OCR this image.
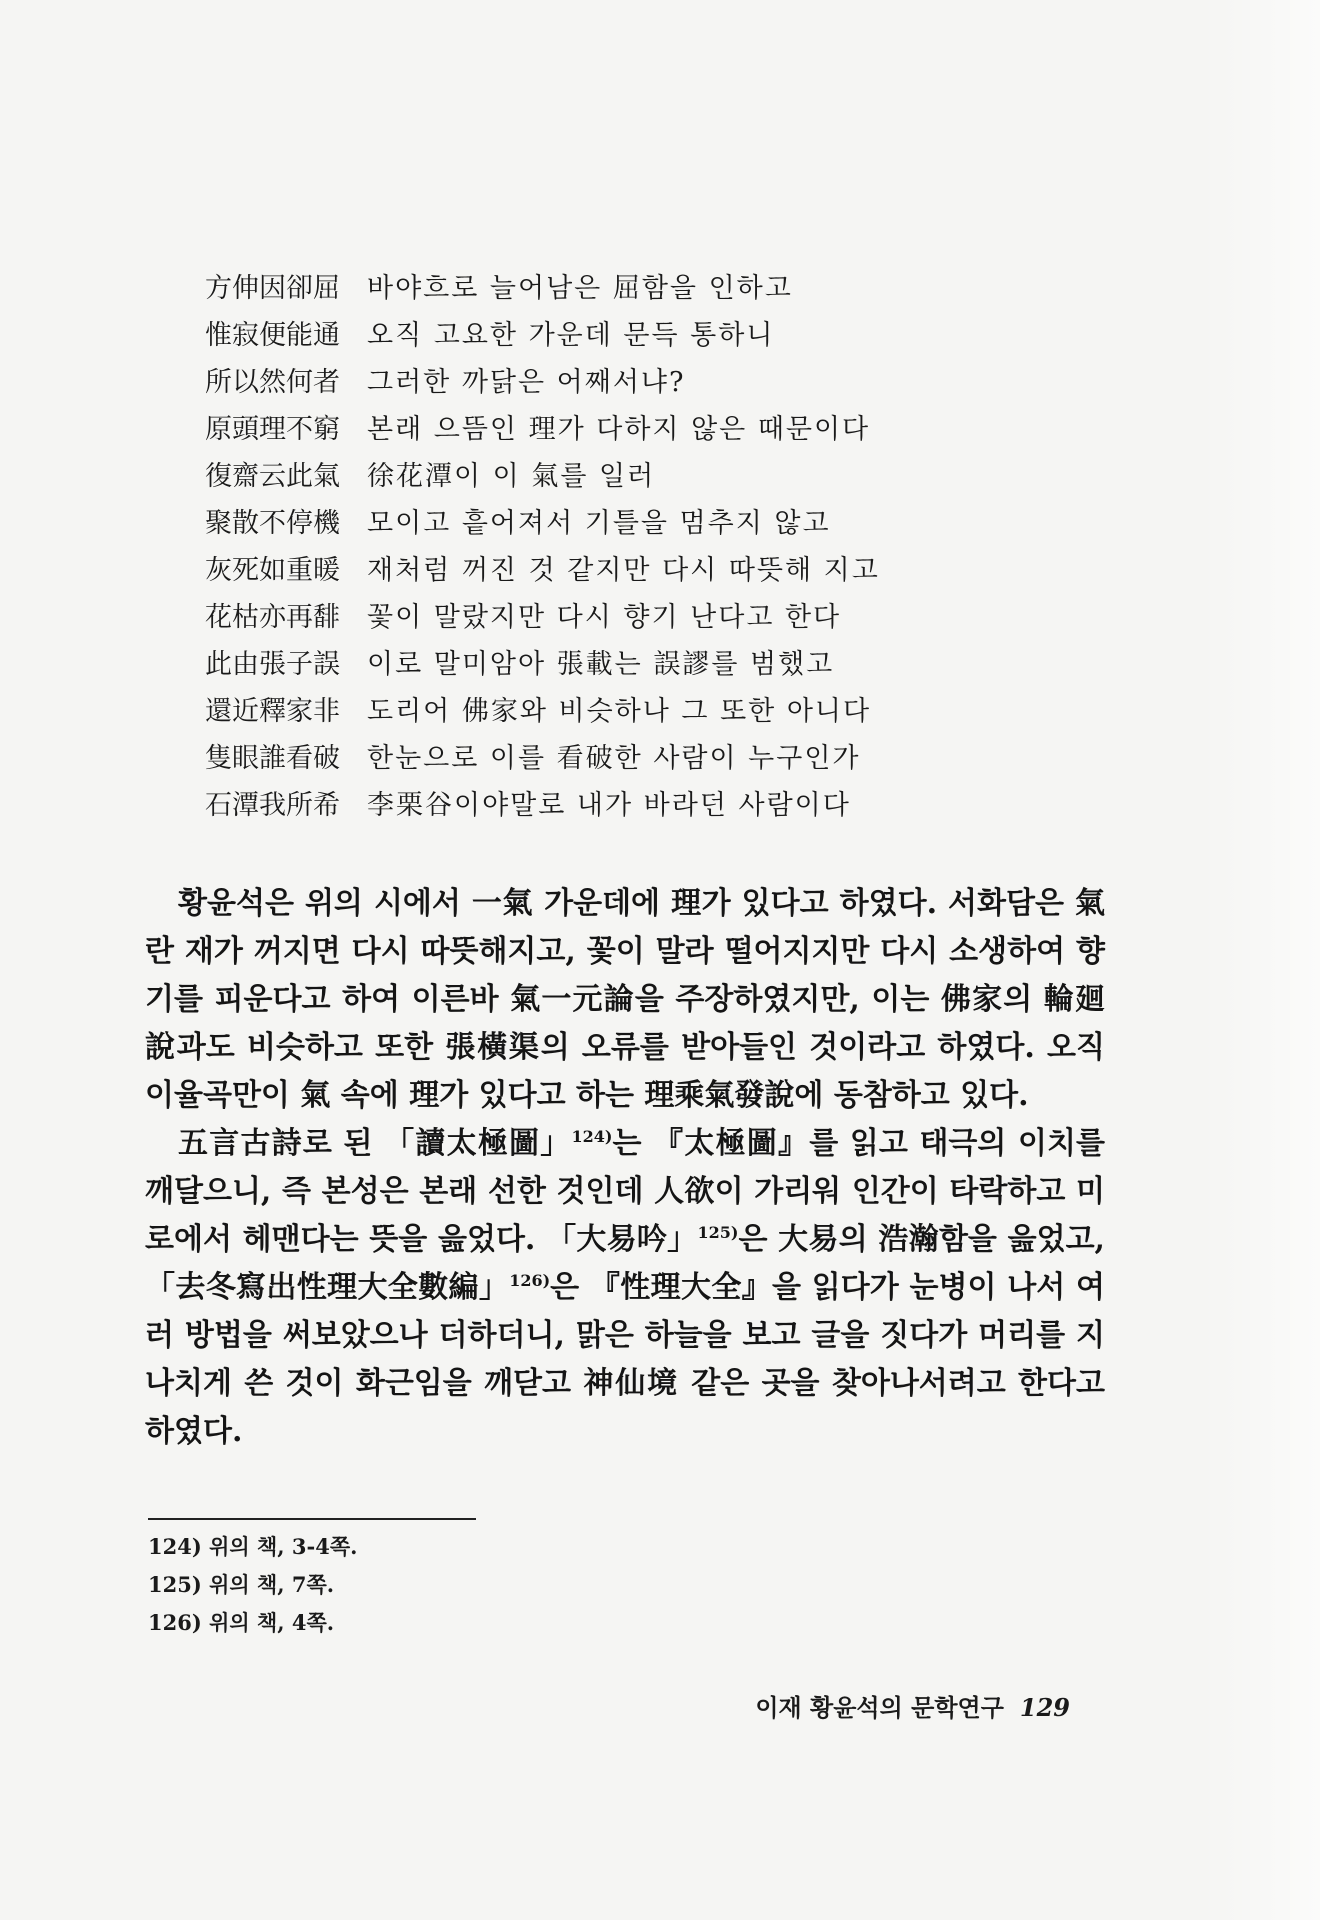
方伸因卻屈	바야흐로 늘어남은 屈함을 인하고
惟寂便能通	오직 고요한 가운데 문득 통하니
所以然何者	그러한 까닭은 어째서냐?
原頭理不窮	본래 으뜸인 理가 다하지 않은 때문이다
復齋云此氣	徐花潭이 이 氣를 일러
聚散不停機	모이고 흩어져서 기틀을 멈추지 않고
灰死如重暖	재처럼 꺼진 것 같지만 다시 따뜻해 지고
花枯亦再馡	꽃이 말랐지만 다시 향기 난다고 한다
此由張子誤	이로 말미암아 張載는 誤謬를 범했고
還近釋家非	도리어 佛家와 비슷하나 그 또한 아니다
隻眼誰看破	한눈으로 이를 看破한 사람이 누구인가
石潭我所希	李栗谷이야말로 내가 바라던 사람이다

황윤석은 위의 시에서 一氣 가운데에 理가 있다고 하였다. 서화담은 氣란 재가 꺼지면 다시 따뜻해지고, 꽃이 말라 떨어지지만 다시 소생하여 향기를 피운다고 하여 이른바 氣一元論을 주장하였지만, 이는 佛家의 輪廻說과도 비슷하고 또한 張橫渠의 오류를 받아들인 것이라고 하였다. 오직 이율곡만이 氣 속에 理가 있다고 하는 理乘氣發說에 동참하고 있다.

五言古詩로 된 「讀太極圖」$^{124)}$는 『太極圖』를 읽고 태극의 이치를 깨달으니, 즉 본성은 본래 선한 것인데 人欲이 가리워 인간이 타락하고 미로에서 헤맨다는 뜻을 읊었다. 「大易吟」$^{125)}$은 大易의 浩瀚함을 읊었고, 「去冬寫出性理大全數編」$^{126)}$은 『性理大全』을 읽다가 눈병이 나서 여러 방법을 써보았으나 더하더니, 맑은 하늘을 보고 글을 짓다가 머리를 지나치게 쓴 것이 화근임을 깨닫고 神仙境 같은 곳을 찾아나서려고 한다고 하였다.

124) 위의 책, 3-4쪽.
125) 위의 책, 7쪽.
126) 위의 책, 4쪽.
이재 황윤석의 문학연구 129
